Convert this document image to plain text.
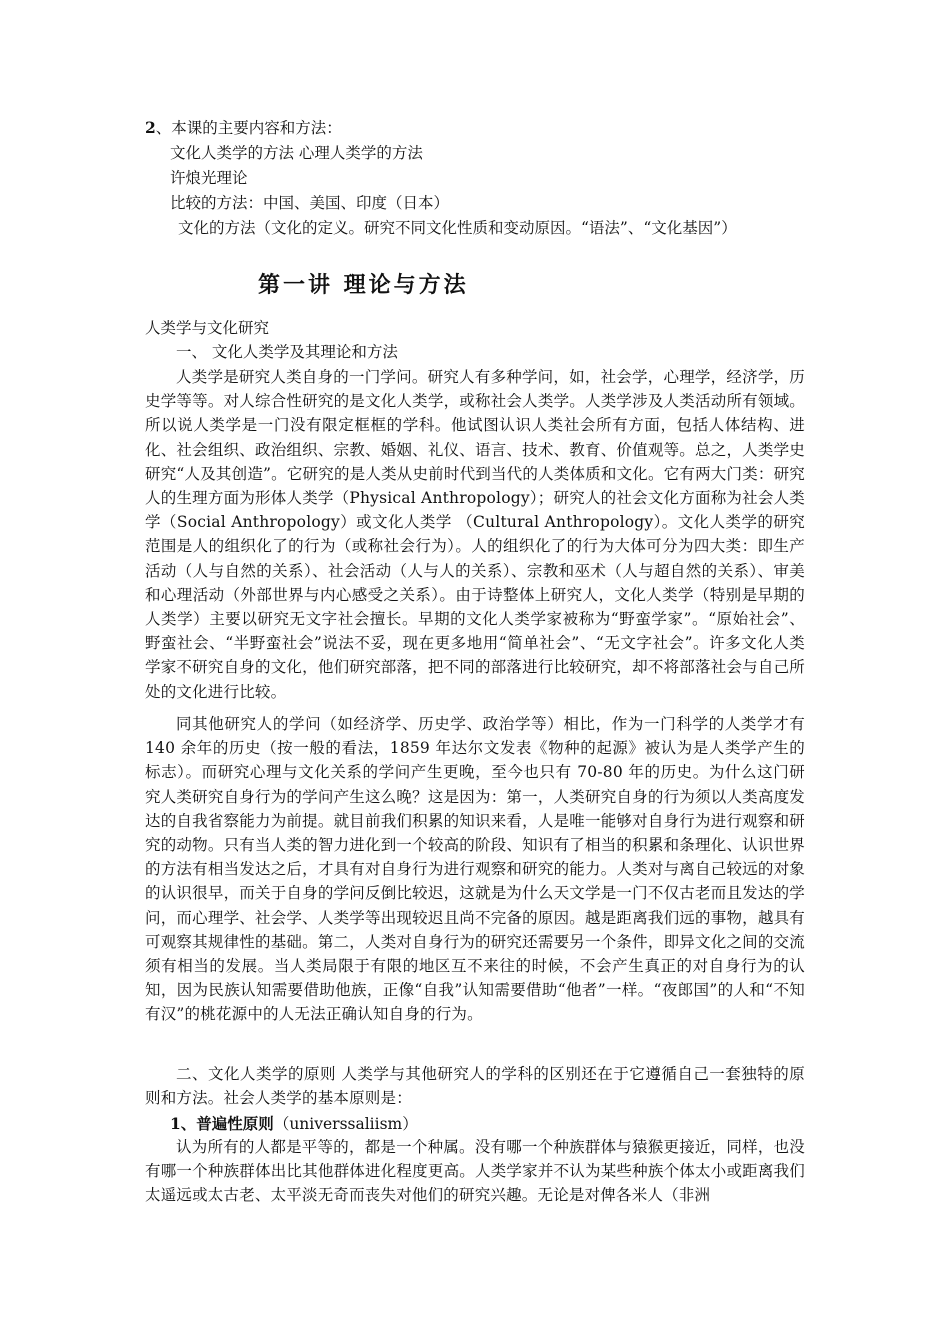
2、本课的主要内容和方法：
文化人类学的方法 心理人类学的方法
许烺光理论
比较的方法：中国、美国、印度（日本）
文化的方法（文化的定义。研究不同文化性质和变动原因。“语法”、“文化基因”）
第一讲 理论与方法
人类学与文化研究
一、 文化人类学及其理论和方法

人类学是研究人类自身的一门学问。研究人有多种学问，如，社会学，心理学，经济学，历史学等等。对人综合性研究的是文化人类学，或称社会人类学。人类学涉及人类活动所有领域。所以说人类学是一门没有限定框框的学科。他试图认识人类社会所有方面，包括人体结构、进化、社会组织、政治组织、宗教、婚姻、礼仪、语言、技术、教育、价值观等。总之，人类学史研究“人及其创造”。它研究的是人类从史前时代到当代的人类体质和文化。它有两大门类：研究人的生理方面为形体人类学（Physical Anthropology）；研究人的社会文化方面称为社会人类学（Social Anthropology）或文化人类学 （Cultural Anthropology）。文化人类学的研究范围是人的组织化了的行为（或称社会行为）。人的组织化了的行为大体可分为四大类：即生产活动（人与自然的关系）、社会活动（人与人的关系）、宗教和巫术（人与超自然的关系）、审美和心理活动（外部世界与内心感受之关系）。由于诗整体上研究人，文化人类学（特别是早期的人类学）主要以研究无文字社会擅长。早期的文化人类学家被称为“野蛮学家”。“原始社会”、野蛮社会、“半野蛮社会”说法不妥，现在更多地用“简单社会”、“无文字社会”。许多文化人类学家不研究自身的文化，他们研究部落，把不同的部落进行比较研究，却不将部落社会与自己所处的文化进行比较。

同其他研究人的学问（如经济学、历史学、政治学等）相比，作为一门科学的人类学才有 140 余年的历史（按一般的看法，1859 年达尔文发表《物种的起源》被认为是人类学产生的标志）。而研究心理与文化关系的学问产生更晚，至今也只有 70-80 年的历史。为什么这门研究人类研究自身行为的学问产生这么晚？这是因为：第一，人类研究自身的行为须以人类高度发达的自我省察能力为前提。就目前我们积累的知识来看，人是唯一能够对自身行为进行观察和研究的动物。只有当人类的智力进化到一个较高的阶段、知识有了相当的积累和条理化、认识世界的方法有相当发达之后，才具有对自身行为进行观察和研究的能力。人类对与离自己较远的对象的认识很早，而关于自身的学问反倒比较迟，这就是为什么天文学是一门不仅古老而且发达的学问，而心理学、社会学、人类学等出现较迟且尚不完备的原因。越是距离我们远的事物，越具有可观察其规律性的基础。第二，人类对自身行为的研究还需要另一个条件，即异文化之间的交流须有相当的发展。当人类局限于有限的地区互不来往的时候，不会产生真正的对自身行为的认知，因为民族认知需要借助他族，正像“自我”认知需要借助“他者”一样。“夜郎国”的人和“不知有汉”的桃花源中的人无法正确认知自身的行为。

二、文化人类学的原则 人类学与其他研究人的学科的区别还在于它遵循自己一套独特的原则和方法。社会人类学的基本原则是：

1、普遍性原则（universsaliism）

认为所有的人都是平等的，都是一个种属。没有哪一个种族群体与猿猴更接近，同样，也没有哪一个种族群体出比其他群体进化程度更高。人类学家并不认为某些种族个体太小或距离我们太遥远或太古老、太平淡无奇而丧失对他们的研究兴趣。无论是对俾各米人（非洲
